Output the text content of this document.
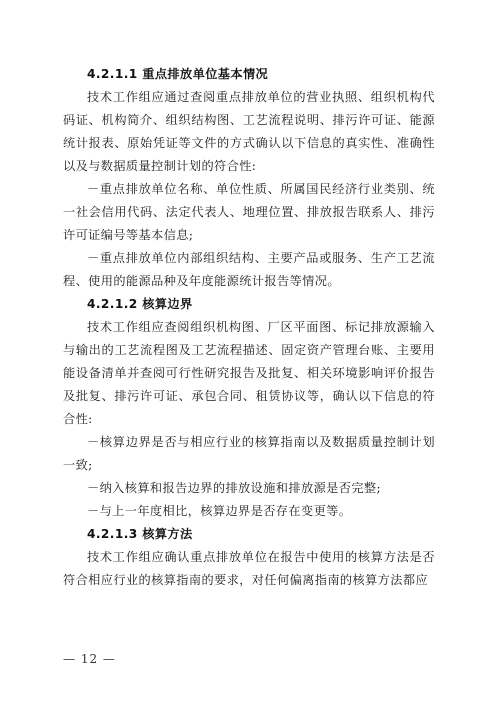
4.2.1.1 重点排放单位基本情况

技术工作组应通过查阅重点排放单位的营业执照、组织机构代码证、机构简介、组织结构图、工艺流程说明、排污许可证、能源统计报表、原始凭证等文件的方式确认以下信息的真实性、准确性以及与数据质量控制计划的符合性:

－重点排放单位名称、单位性质、所属国民经济行业类别、统一社会信用代码、法定代表人、地理位置、排放报告联系人、排污许可证编号等基本信息;

－重点排放单位内部组织结构、主要产品或服务、生产工艺流程、使用的能源品种及年度能源统计报告等情况。

4.2.1.2 核算边界

技术工作组应查阅组织机构图、厂区平面图、标记排放源输入与输出的工艺流程图及工艺流程描述、固定资产管理台账、主要用能设备清单并查阅可行性研究报告及批复、相关环境影响评价报告及批复、排污许可证、承包合同、租赁协议等，确认以下信息的符合性:

－核算边界是否与相应行业的核算指南以及数据质量控制计划一致;

－纳入核算和报告边界的排放设施和排放源是否完整;

－与上一年度相比，核算边界是否存在变更等。

4.2.1.3 核算方法

技术工作组应确认重点排放单位在报告中使用的核算方法是否符合相应行业的核算指南的要求，对任何偏离指南的核算方法都应

— 12 —
